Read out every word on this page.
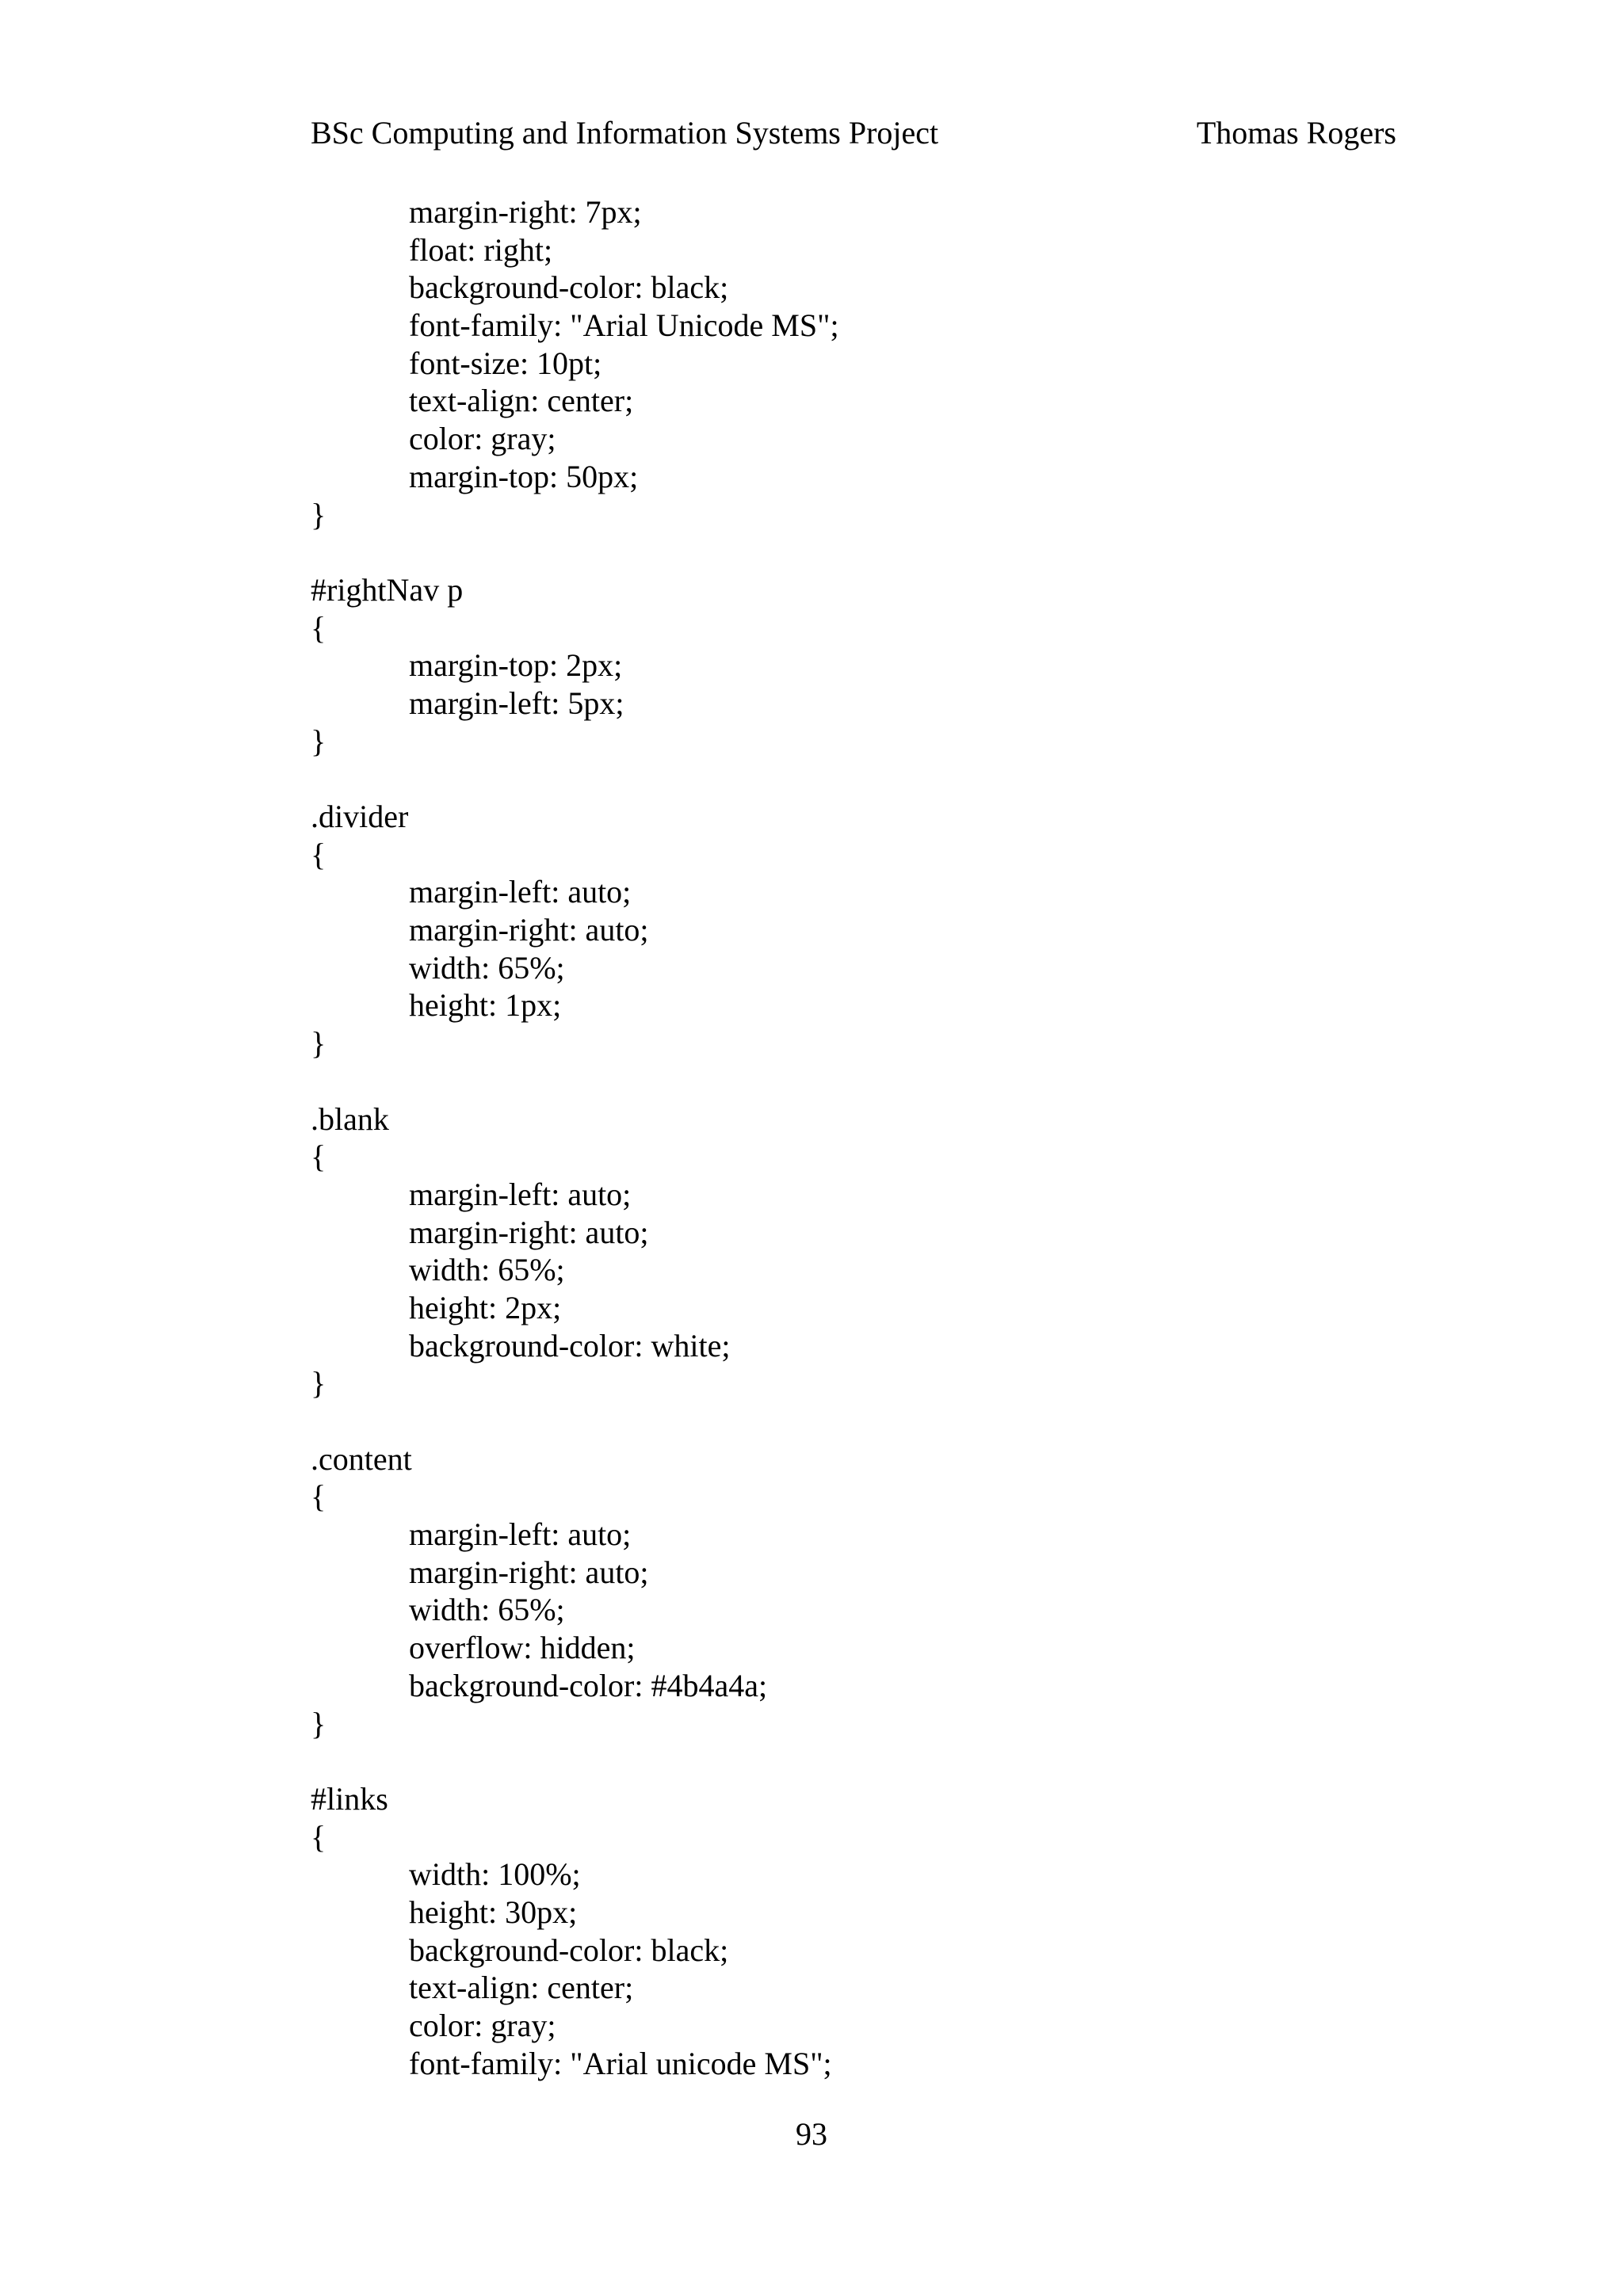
BSc Computing and Information Systems Project	Thomas Rogers
margin-right: 7px;
float: right;
background-color: black;
font-family: "Arial Unicode MS";
font-size: 10pt;
text-align: center;
color: gray;
margin-top: 50px;
}
#rightNav p
{
margin-top: 2px;
margin-left: 5px;
}
.divider
{
margin-left: auto;
margin-right: auto;
width: 65%;
height: 1px;
}
.blank
{
margin-left: auto;
margin-right: auto;
width: 65%;
height: 2px;
background-color: white;
}
.content
{
margin-left: auto;
margin-right: auto;
width: 65%;
overflow: hidden;
background-color: #4b4a4a;
}
#links
{
width: 100%;
height: 30px;
background-color: black;
text-align: center;
color: gray;
font-family: "Arial unicode MS";
93
